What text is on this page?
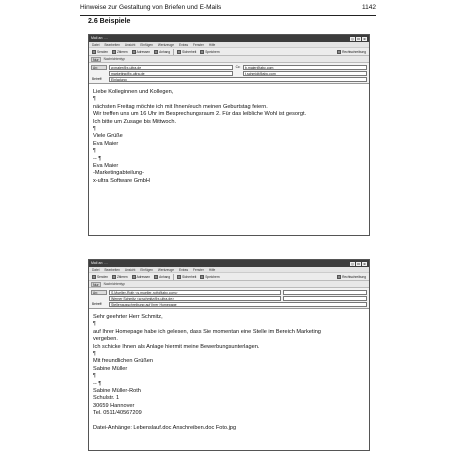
Hinweise zur Gestaltung von Briefen und E-Mails	1142
2.6 Beispiele
Mail an: …	_	□	×
Datei Bearbeiten Ansicht Einfügen Werkzeuge Extras Fenster Hilfe
Senden	Zitieren	Adressen	Anhang	Sicherheit	Speichern	Rechtschreibung
Nur	Nachrichtentyp
An:	w.maier@x-ultra.de	Cc:	b.maier@abc.com
marketing@x-ultra.de	t.schmidt@abc.com
Betreff:	Einladung
Liebe Kolleginnen und Kollegen,
¶
nächsten Freitag möchte ich mit Ihnen/euch meinen Geburtstag feiern.
Wir treffen uns um 16 Uhr im Besprechungsraum 2. Für das leibliche Wohl ist gesorgt.
Ich bitte um Zusage bis Mittwoch.
¶
Viele Grüße
Eva Maier
¶
-- ¶
Eva Maier
-Marketingabteilung-
x-ultra Software GmbH
Mail an: …	_	□	×
Datei Bearbeiten Ansicht Einfügen Werkzeuge Extras Fenster Hilfe
Senden	Zitieren	Adressen	Anhang	Sicherheit	Speichern	Rechtschreibung
Nur	Nachrichtentyp
An:	S.Mueller-Roth <s.mueller-roth@abc.com>
Werner Schmitz <w.schmitz@x-ultra.de>
Betreff:	Stellenausschreibung auf Ihrer Homepage
Sehr geehrter Herr Schmitz,
¶
auf Ihrer Homepage habe ich gelesen, dass Sie momentan eine Stelle im Bereich Marketing
vergeben.
Ich schicke Ihnen als Anlage hiermit meine Bewerbungsunterlagen.
¶
Mit freundlichen Grüßen
Sabine Müller
¶
-- ¶
Sabine Müller-Roth
Schulstr. 1
30659 Hannover
Tel. 0511/40567209
Datei-Anhänge: Lebenslauf.doc Anschreiben.doc Foto.jpg
